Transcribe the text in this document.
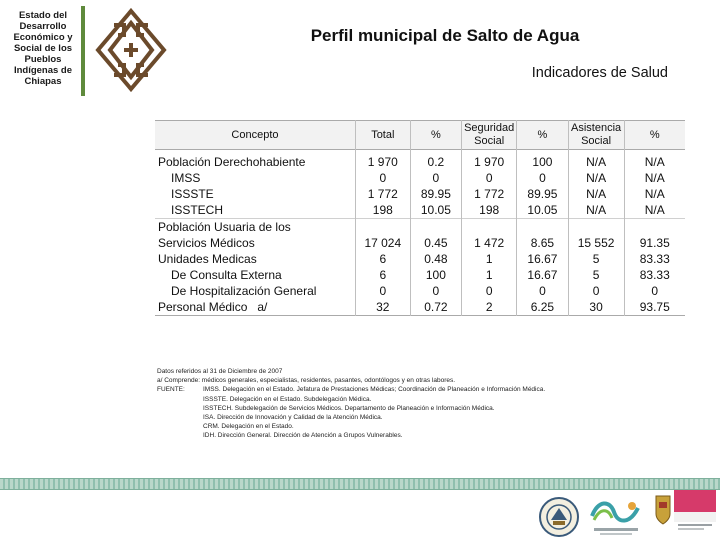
Estado del
Desarrollo
Económico y
Social de los
Pueblos
Indígenas de
Chiapas
Perfil municipal de Salto de Agua
Indicadores de Salud
Concepto	Total	%	Seguridad Social	%	Asistencia Social	%

Población Derechohabiente	1 970	0.2	1 970	100	N/A	N/A
IMSS	0	0	0	0	N/A	N/A
ISSSTE	1 772	89.95	1 772	89.95	N/A	N/A
ISSTECH	198	10.05	198	10.05	N/A	N/A
Población Usuaria de los						
Servicios Médicos	17 024	0.45	1 472	8.65	15 552	91.35
Unidades Medicas	6	0.48	1	16.67	5	83.33
De Consulta Externa	6	100	1	16.67	5	83.33
De Hospitalización General	0	0	0	0	0	0
Personal Médico   a/	32	0.72	2	6.25	30	93.75
Datos referidos al 31 de Diciembre de 2007
a/ Comprende: médicos generales, especialistas, residentes, pasantes, odontólogos y en otras labores.
FUENTE:	IMSS. Delegación en el Estado. Jefatura de Prestaciones Médicas; Coordinación de Planeación e Información Médica.
ISSSTE. Delegación en el Estado. Subdelegación Médica.
ISSTECH. Subdelegación de Servicios Médicos. Departamento de Planeación e Información Médica.
ISA. Dirección de Innovación y Calidad de la Atención Médica.
CRM. Delegación en el Estado.
IDH. Dirección General. Dirección de Atención a Grupos Vulnerables.
